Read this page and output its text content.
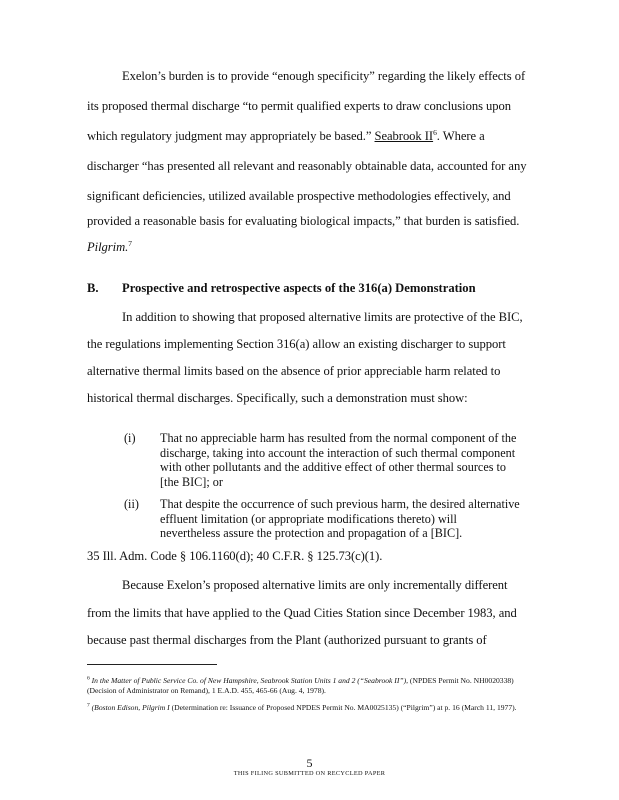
Exelon’s burden is to provide “enough specificity” regarding the likely effects of
its proposed thermal discharge “to permit qualified experts to draw conclusions upon
which regulatory judgment may appropriately be based.” Seabrook $II^6$. Where a
discharger “has presented all relevant and reasonably obtainable data, accounted for any
significant deficiencies, utilized available prospective methodologies effectively, and
provided a reasonable basis for evaluating biological impacts,” that burden is satisfied.
Pilgrim.$^7$
B. Prospective and retrospective aspects of the 316(a) Demonstration
In addition to showing that proposed alternative limits are protective of the BIC,
the regulations implementing Section 316(a) allow an existing discharger to support
alternative thermal limits based on the absence of prior appreciable harm related to
historical thermal discharges. Specifically, such a demonstration must show:
(i) That no appreciable harm has resulted from the normal component of the discharge, taking into account the interaction of such thermal component with other pollutants and the additive effect of other thermal sources to [the BIC]; or
(ii) That despite the occurrence of such previous harm, the desired alternative effluent limitation (or appropriate modifications thereto) will nevertheless assure the protection and propagation of a [BIC].
35 Ill. Adm. Code § 106.1160(d); 40 C.F.R. § 125.73(c)(1).
Because Exelon’s proposed alternative limits are only incrementally different
from the limits that have applied to the Quad Cities Station since December 1983, and
because past thermal discharges from the Plant (authorized pursuant to grants of
$^6$ In the Matter of Public Service Co. of New Hampshire, Seabrook Station Units 1 and 2 (“Seabrook II”), (NPDES Permit No. NH0020338) (Decision of Administrator on Remand), 1 E.A.D. 455, 465-66 (Aug. 4, 1978).
$^7$ (Boston Edison, Pilgrim I (Determination re: Issuance of Proposed NPDES Permit No. MA0025135) (“Pilgrim”) at p. 16 (March 11, 1977).
5
THIS FILING SUBMITTED ON RECYCLED PAPER
